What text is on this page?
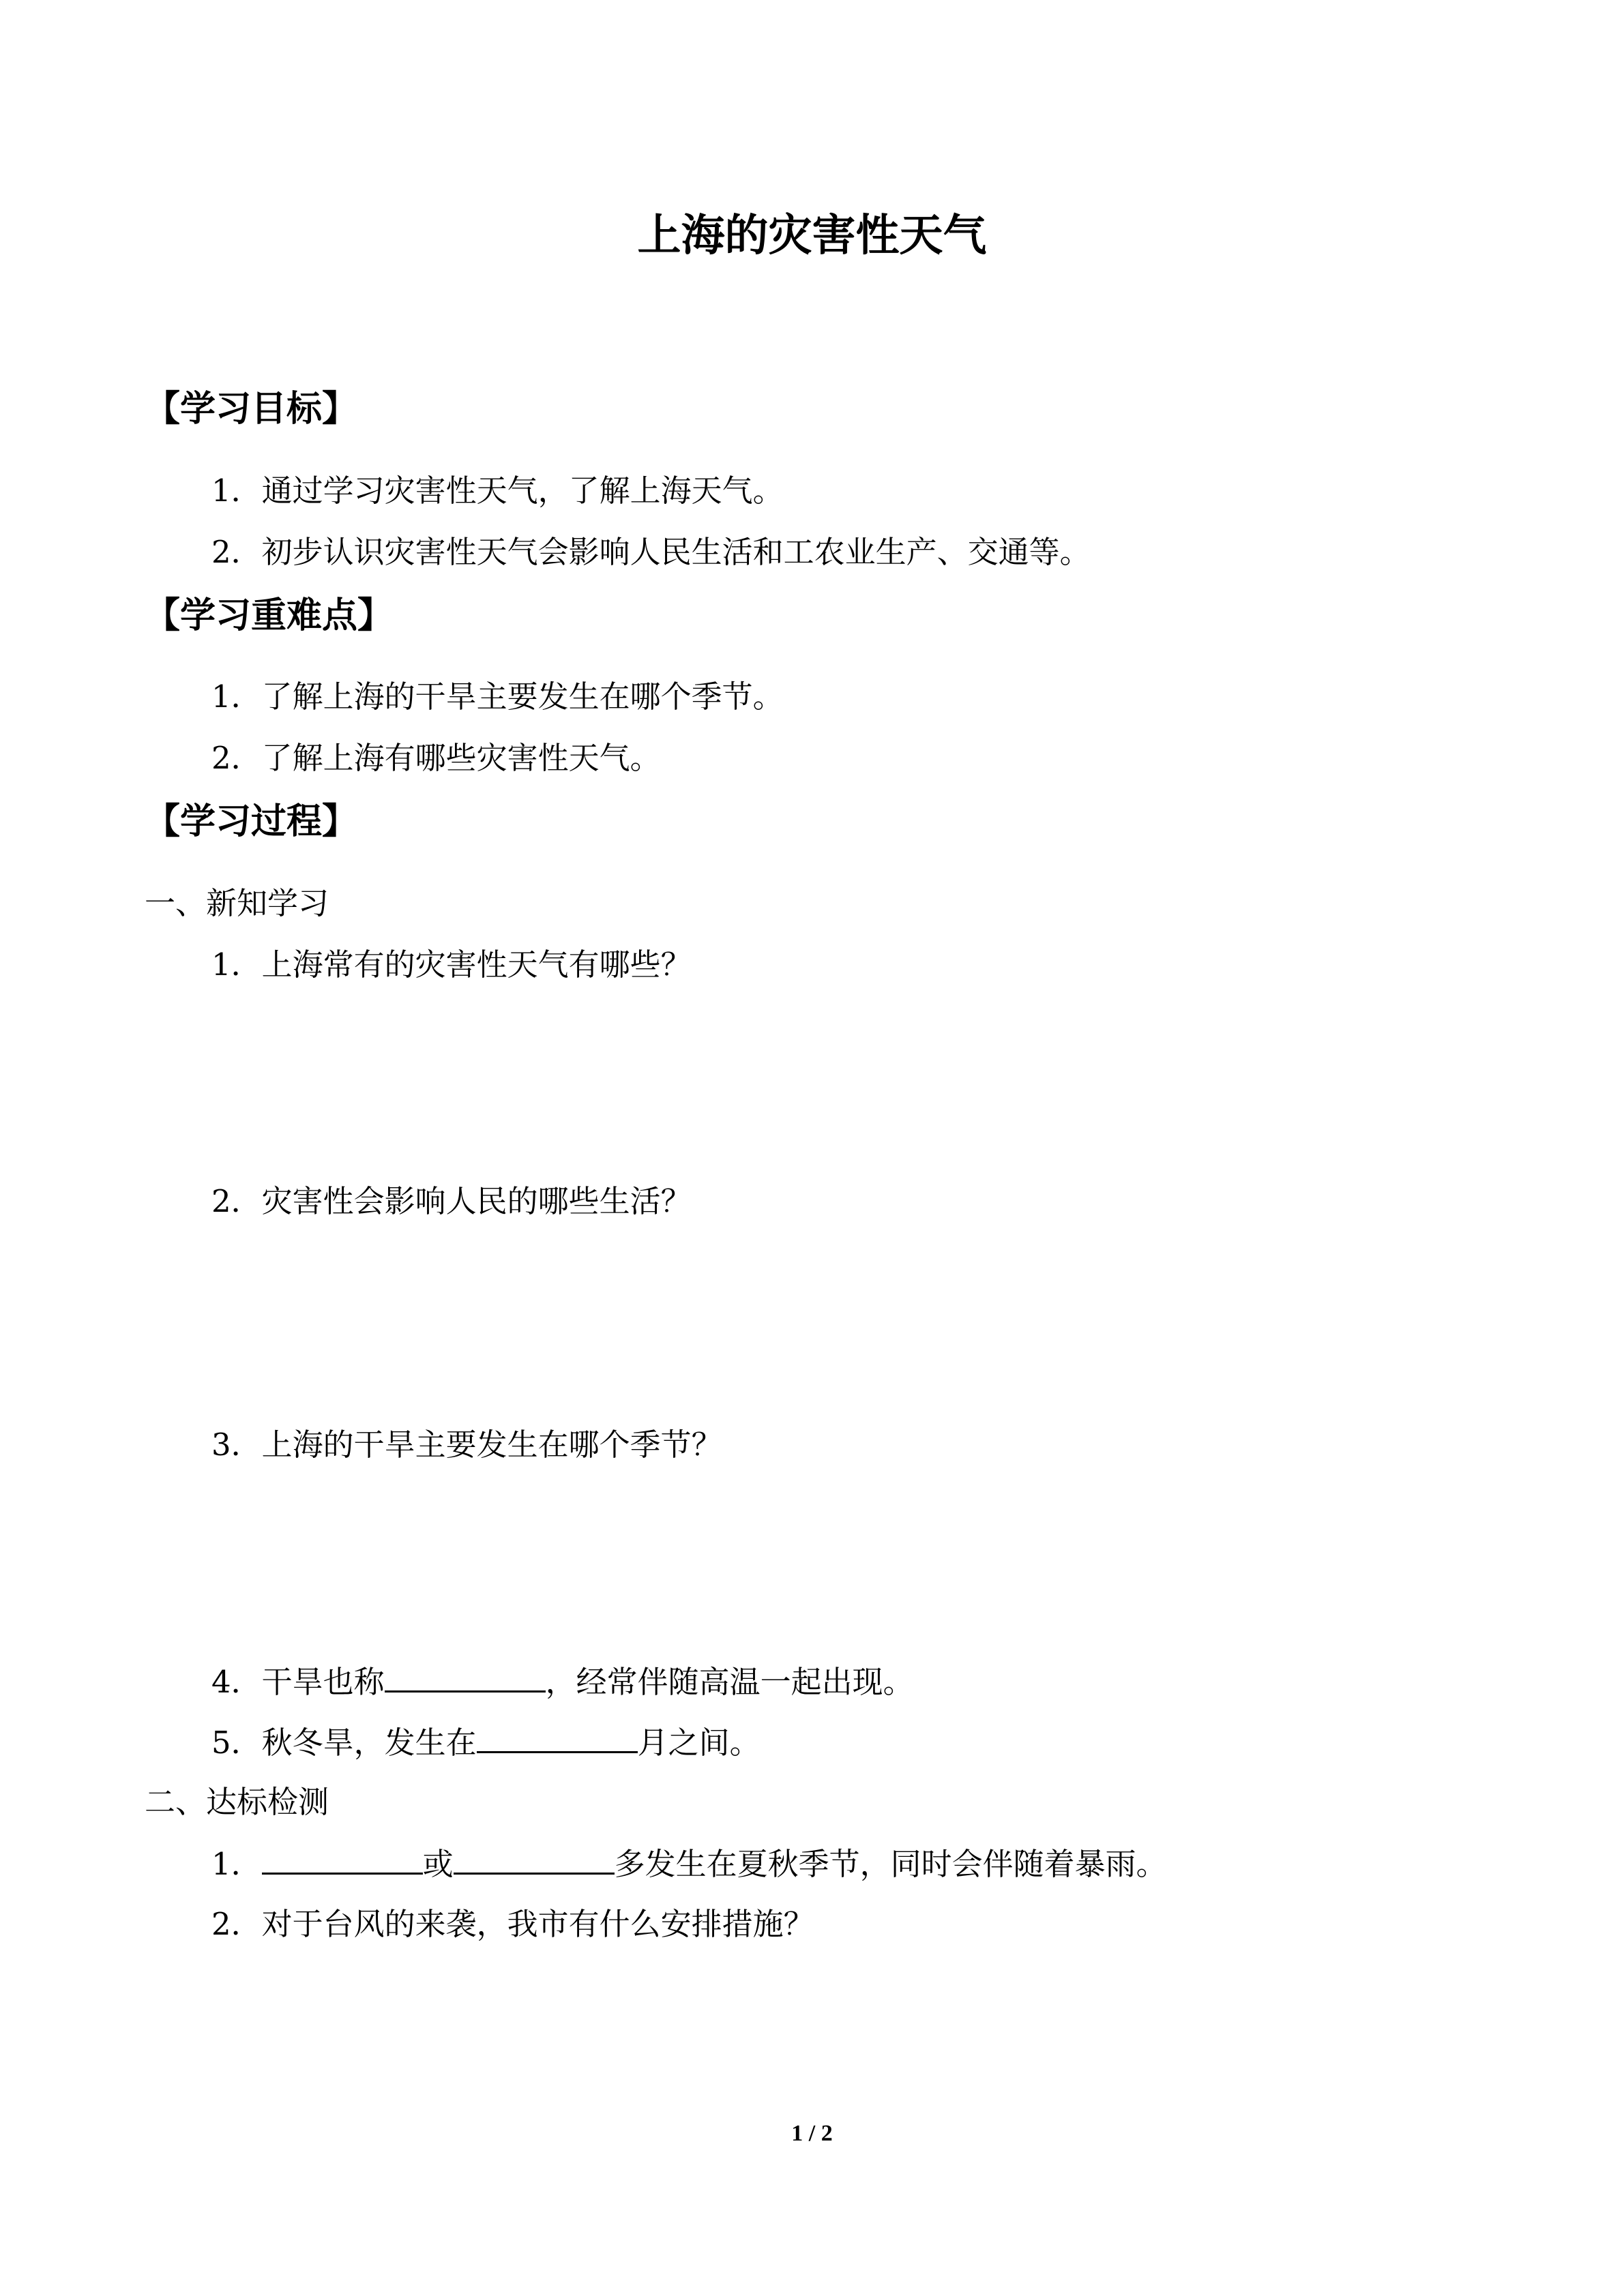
上海的灾害性天气
【学习目标】
1．通过学习灾害性天气，了解上海天气。
2．初步认识灾害性天气会影响人民生活和工农业生产、交通等。
【学习重难点】
1．了解上海的干旱主要发生在哪个季节。
2．了解上海有哪些灾害性天气。
【学习过程】
一、新知学习
1．上海常有的灾害性天气有哪些？
2．灾害性会影响人民的哪些生活？
3．上海的干旱主要发生在哪个季节？
4．干旱也称	，经常伴随高温一起出现。
5．秋冬旱，发生在	月之间。
二、达标检测
1．	或	多发生在夏秋季节，同时会伴随着暴雨。
2．对于台风的来袭，我市有什么安排措施？
1 / 2
